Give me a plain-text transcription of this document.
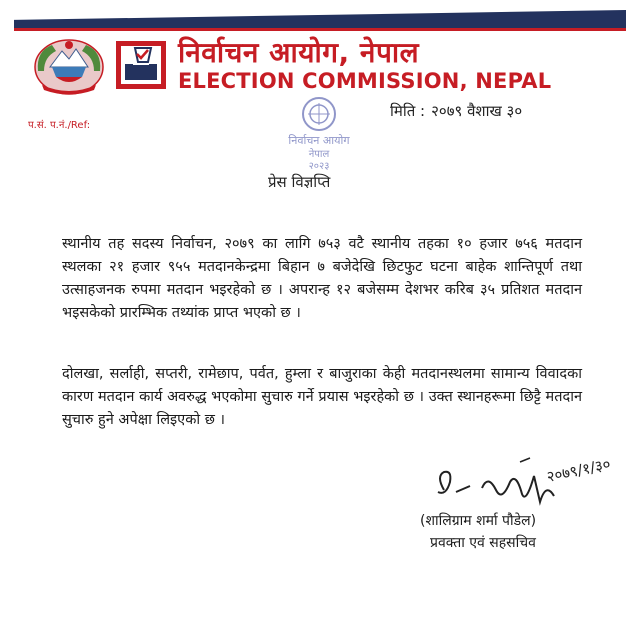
निर्वाचन आयोग, नेपाल
ELECTION COMMISSION, NEPAL
प.सं. प.नं./Ref:
मिति : २०७९ वैशाख ३०
निर्वाचन आयोग
नेपाल
२०२३
प्रेस विज्ञप्ति

स्थानीय तह सदस्य निर्वाचन, २०७९ का लागि ७५३ वटै स्थानीय तहका १० हजार ७५६ मतदान स्थलका २१ हजार ९५५ मतदानकेन्द्रमा बिहान ७ बजेदेखि छिटफुट घटना बाहेक शान्तिपूर्ण तथा उत्साहजनक रुपमा मतदान भइरहेको छ । अपरान्ह १२ बजेसम्म देशभर करिब ३५ प्रतिशत मतदान भइसकेको प्रारम्भिक तथ्यांक प्राप्त भएको छ ।

दोलखा, सर्लाही, सप्तरी, रामेछाप, पर्वत, हुम्ला र बाजुराका केही मतदानस्थलमा सामान्य विवादका कारण मतदान कार्य अवरुद्ध भएकोमा सुचारु गर्ने प्रयास भइरहेको छ । उक्त स्थानहरूमा छिट्टै मतदान सुचारु हुने अपेक्षा लिइएको छ ।

२०७९/१/३०
(शालिग्राम शर्मा पौडेल)
प्रवक्ता एवं सहसचिव
